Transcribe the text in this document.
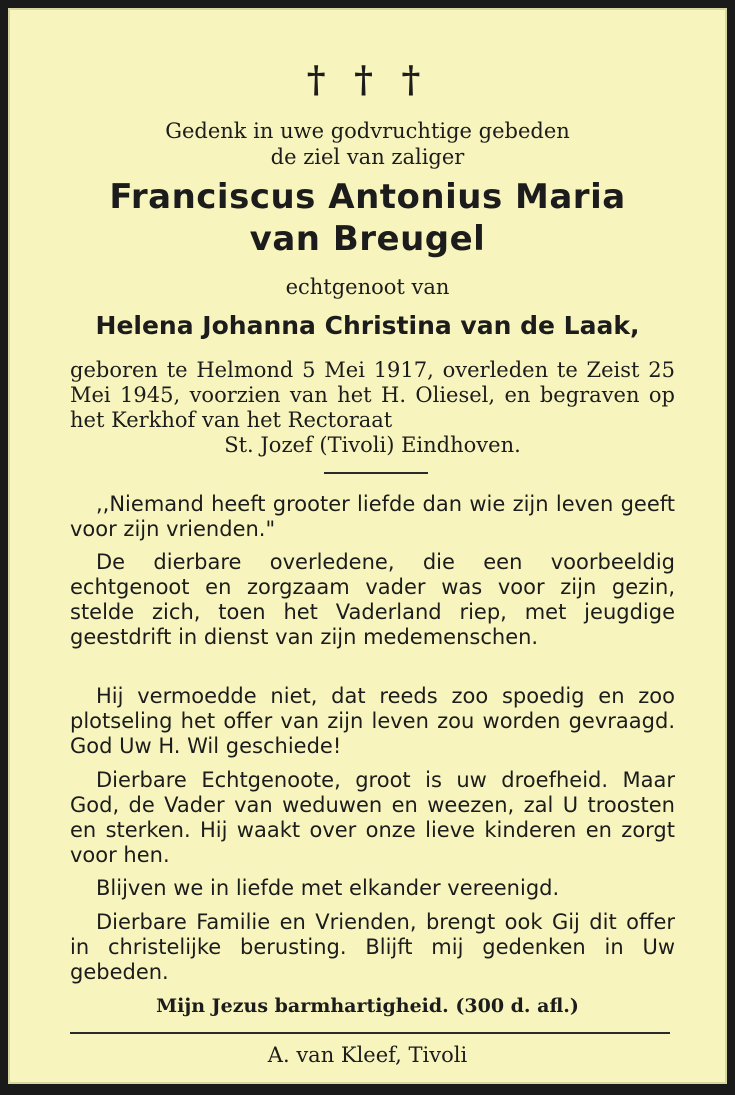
† † †
Gedenk in uwe godvruchtige gebeden
de ziel van zaliger
Franciscus Antonius Maria
van Breugel
echtgenoot van
Helena Johanna Christina van de Laak,
geboren te Helmond 5 Mei 1917, overleden te Zeist 25 Mei 1945, voorzien van het H. Oliesel, en begraven op het Kerkhof van het Rectoraat
St. Jozef (Tivoli) Eindhoven.
,,Niemand heeft grooter liefde dan wie zijn leven geeft voor zijn vrienden."
De dierbare overledene, die een voorbeeldig echtgenoot en zorgzaam vader was voor zijn gezin, stelde zich, toen het Vaderland riep, met jeugdige geestdrift in dienst van zijn medemenschen.
Hij vermoedde niet, dat reeds zoo spoedig en zoo plotseling het offer van zijn leven zou worden gevraagd. God Uw H. Wil geschiede!
Dierbare Echtgenoote, groot is uw droefheid. Maar God, de Vader van weduwen en weezen, zal U troosten en sterken. Hij waakt over onze lieve kinderen en zorgt voor hen.
Blijven we in liefde met elkander vereenigd.
Dierbare Familie en Vrienden, brengt ook Gij dit offer in christelijke berusting. Blijft mij gedenken in Uw gebeden.
Mijn Jezus barmhartigheid. (300 d. afl.)
A. van Kleef, Tivoli
